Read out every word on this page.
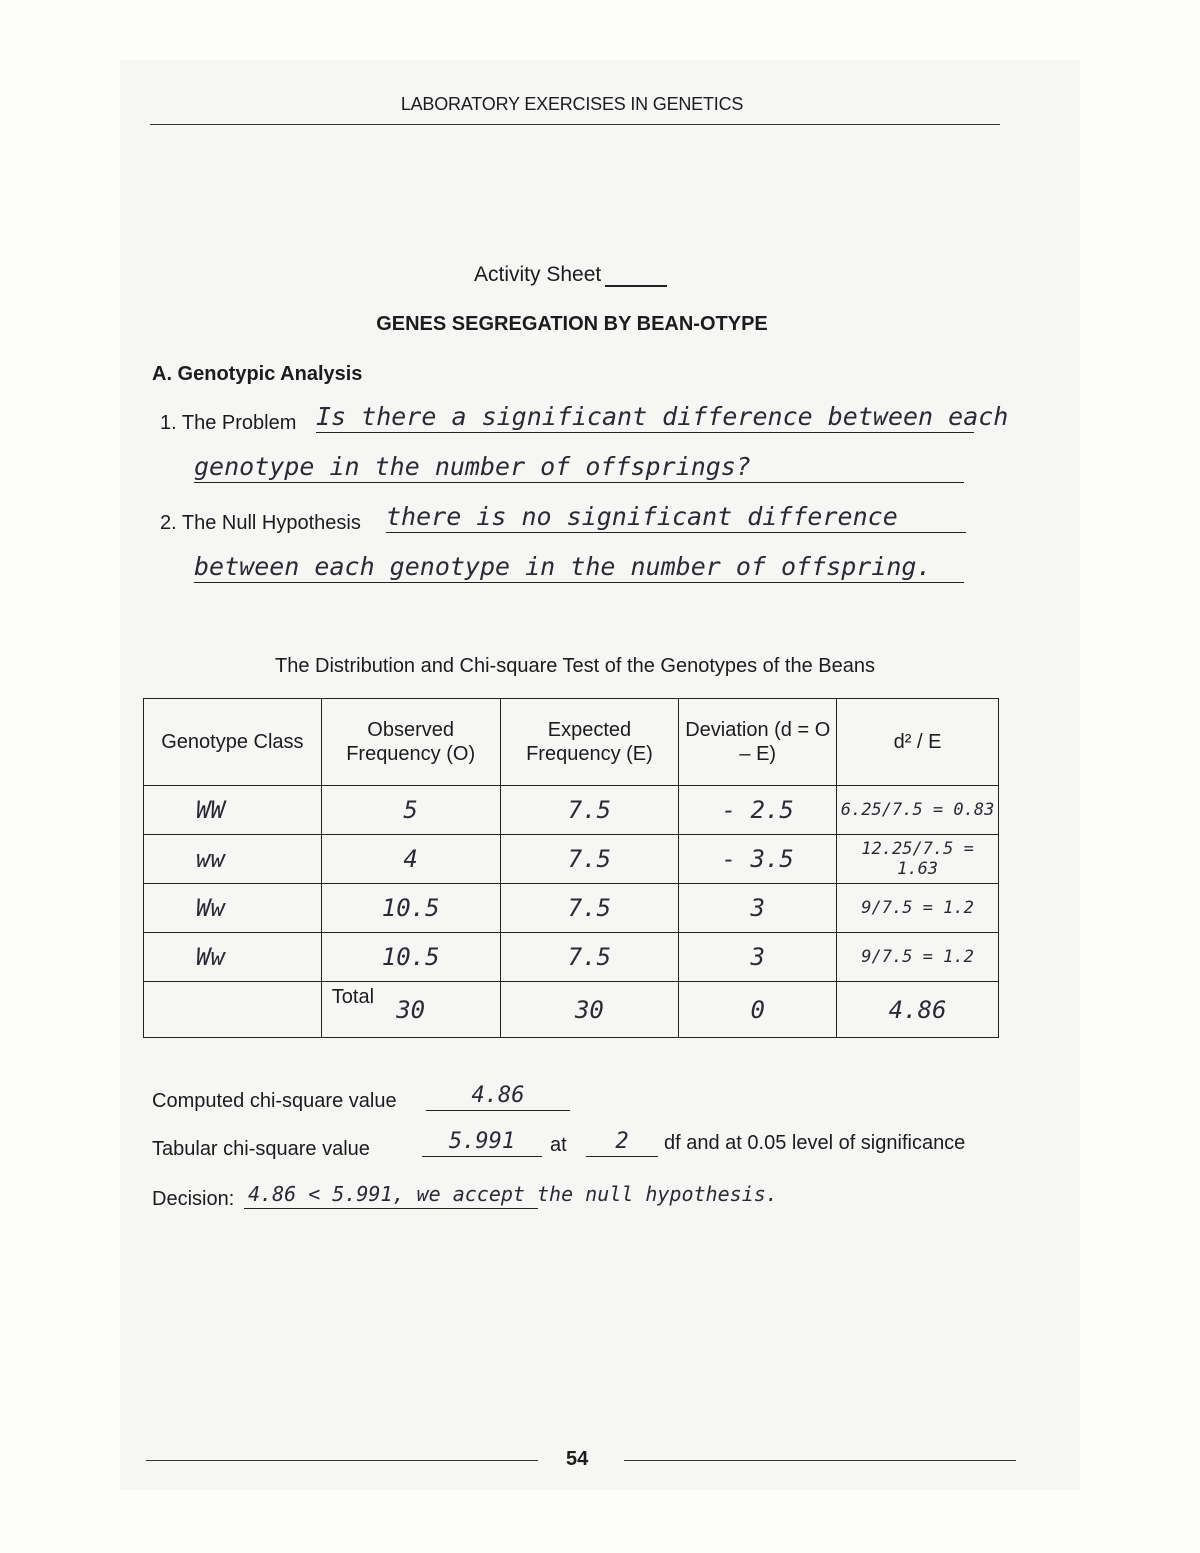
LABORATORY EXERCISES IN GENETICS
Activity Sheet
GENES SEGREGATION BY BEAN-OTYPE
A. Genotypic Analysis
1. The Problem Is there a significant difference between each
genotype in the number of offsprings?
2. The Null Hypothesis there is no significant difference
between each genotype in the number of offspring.
The Distribution and Chi-square Test of the Genotypes of the Beans
Genotype Class	Observed Frequency (O)	Expected Frequency (E)	Deviation (d = O – E)	d² / E
WW	5	7.5	- 2.5	6.25/7.5 = 0.83
ww	4	7.5	- 3.5	12.25/7.5 = 1.63
Ww	10.5	7.5	3	9/7.5 = 1.2
Ww	10.5	7.5	3	9/7.5 = 1.2

	Total 30	30	0	4.86
Computed chi-square value	4.86
Tabular chi-square value	5.991	at	2	df and at 0.05 level of significance
Decision: 4.86 < 5.991, we accept the null hypothesis.
54
